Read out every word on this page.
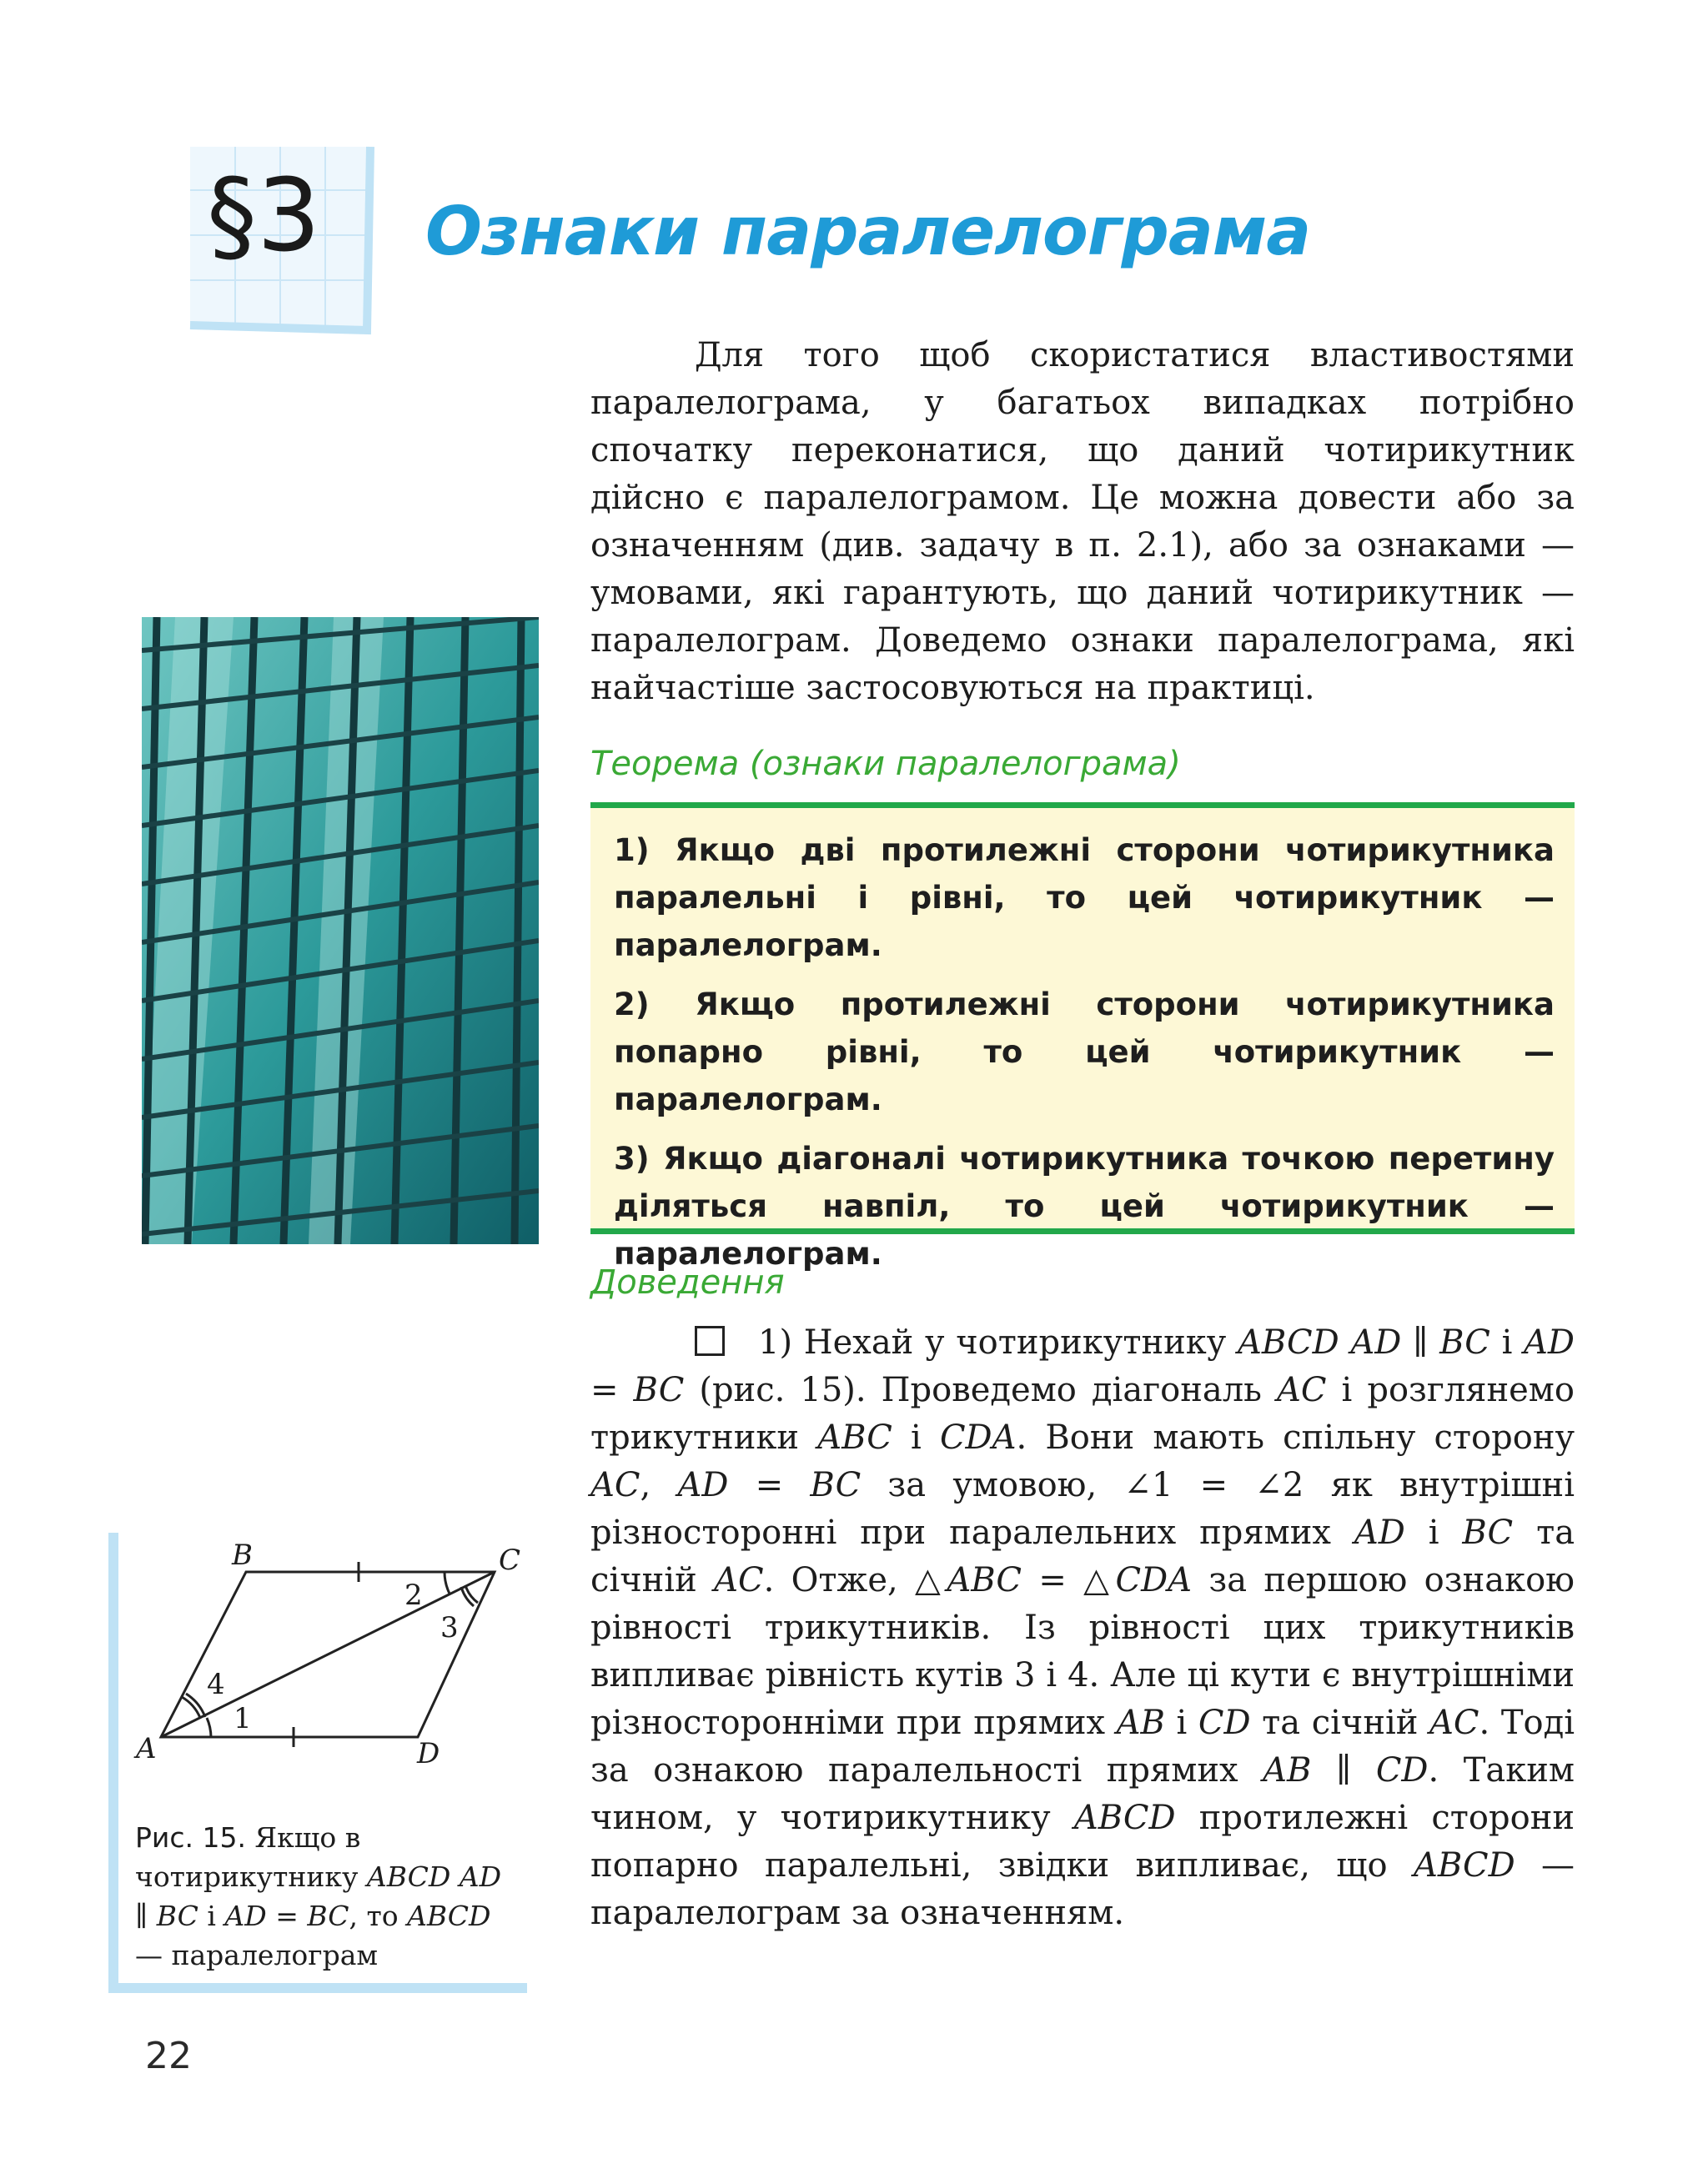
§3 Ознаки паралелограма

Для того щоб скористатися властивостями паралелограма, у багатьох випадках потрібно спочатку переконатися, що даний чотирикутник дійсно є паралелограмом. Це можна довести або за означенням (див. задачу в п. 2.1), або за ознаками — умовами, які гарантують, що даний чотирикутник — паралелограм. Доведемо ознаки паралелограма, які найчастіше застосовуються на практиці.

Теорема (ознаки паралелограма)

1) Якщо дві протилежні сторони чотирикутника паралельні і рівні, то цей чотирикутник — паралелограм.

2) Якщо протилежні сторони чотирикутника попарно рівні, то цей чотирикутник — паралелограм.

3) Якщо діагоналі чотирикутника точкою перетину діляться навпіл, то цей чотирикутник — паралелограм.

Доведення

1) Нехай у чотирикутнику ABCD AD ∥ BC і AD = BC (рис. 15). Проведемо діагональ AC і розглянемо трикутники ABC і CDA. Вони мають спільну сторону AC, AD = BC за умовою, ∠1 = ∠2 як внутрішні різносторонні при паралельних прямих AD і BC та січній AC. Отже, △ABC = △CDA за першою ознакою рівності трикутників. Із рівності цих трикутників випливає рівність кутів 3 і 4. Але ці кути є внутрішніми різносторонніми при прямих AB і CD та січній AC. Тоді за ознакою паралельності прямих AB ∥ CD. Таким чином, у чотирикутнику ABCD протилежні сторони попарно паралельні, звідки випливає, що ABCD — паралелограм за означенням.

A
B	C
D
1
2
3
4
Рис. 15. Якщо в чотирикутнику ABCD AD ∥ BC і AD = BC, то ABCD — паралелограм
22
